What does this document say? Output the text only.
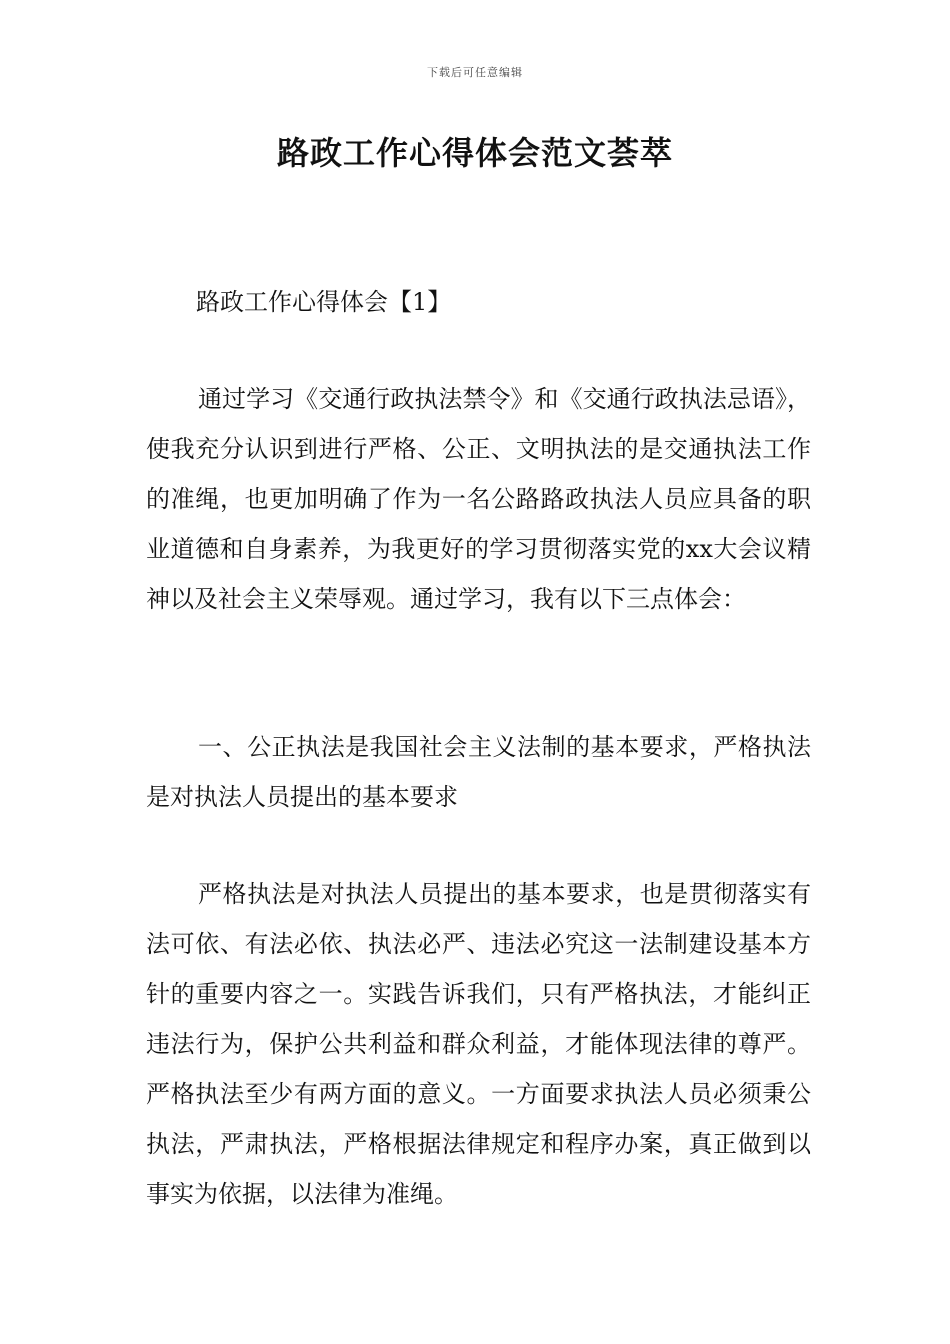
下载后可任意编辑
路政工作心得体会范文荟萃
路政工作心得体会【1】

通过学习《交通行政执法禁令》和《交通行政执法忌语》，使我充分认识到进行严格、公正、文明执法的是交通执法工作的准绳，也更加明确了作为一名公路路政执法人员应具备的职业道德和自身素养，为我更好的学习贯彻落实党的xx大会议精神以及社会主义荣辱观。通过学习，我有以下三点体会：

一、公正执法是我国社会主义法制的基本要求，严格执法是对执法人员提出的基本要求

严格执法是对执法人员提出的基本要求，也是贯彻落实有法可依、有法必依、执法必严、违法必究这一法制建设基本方针的重要内容之一。实践告诉我们，只有严格执法，才能纠正违法行为，保护公共利益和群众利益，才能体现法律的尊严。严格执法至少有两方面的意义。一方面要求执法人员必须秉公执法，严肃执法，严格根据法律规定和程序办案，真正做到以事实为依据，以法律为准绳。
